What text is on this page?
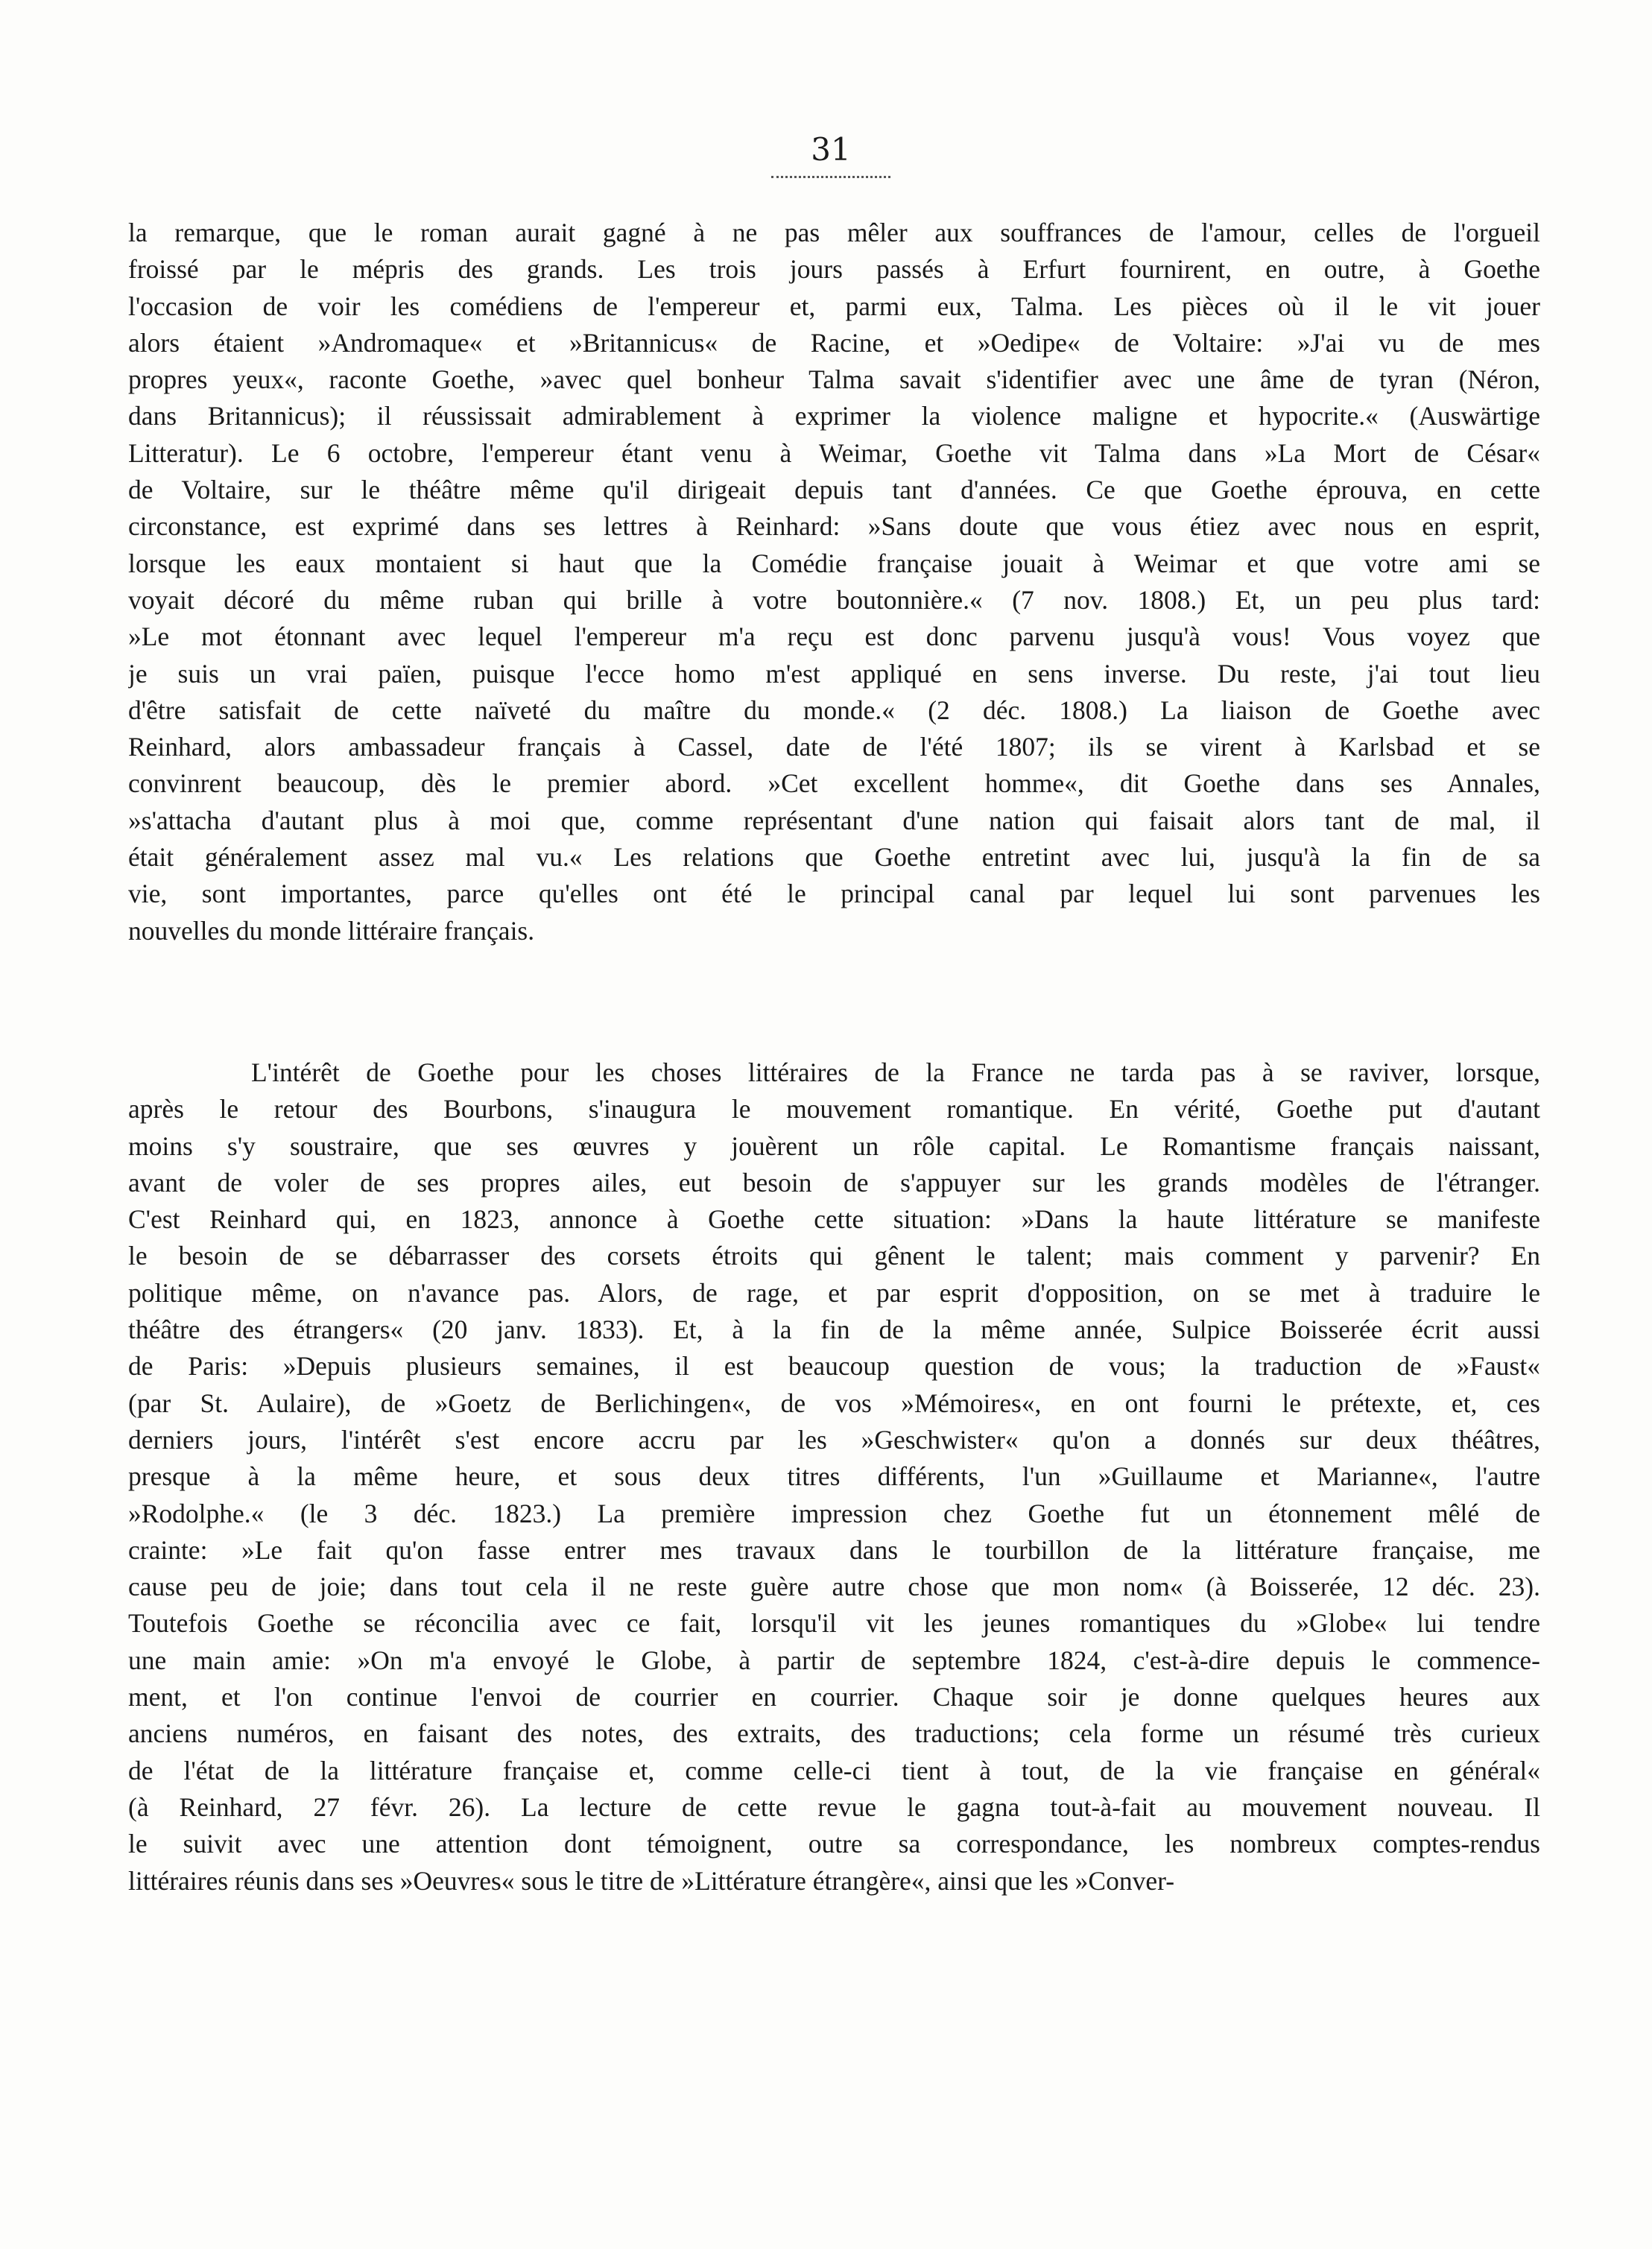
31
la remarque, que le roman aurait gagné à ne pas mêler aux souffrances de l'amour, celles de l'orgueil
froissé par le mépris des grands. Les trois jours passés à Erfurt fournirent, en outre, à Goethe
l'occasion de voir les comédiens de l'empereur et, parmi eux, Talma. Les pièces où il le vit jouer
alors étaient »Andromaque« et »Britannicus« de Racine, et »Oedipe« de Voltaire: »J'ai vu de mes
propres yeux«, raconte Goethe, »avec quel bonheur Talma savait s'identifier avec une âme de tyran (Néron,
dans Britannicus); il réussissait admirablement à exprimer la violence maligne et hypocrite.« (Auswärtige
Litteratur). Le 6 octobre, l'empereur étant venu à Weimar, Goethe vit Talma dans »La Mort de César«
de Voltaire, sur le théâtre même qu'il dirigeait depuis tant d'années. Ce que Goethe éprouva, en cette
circonstance, est exprimé dans ses lettres à Reinhard: »Sans doute que vous étiez avec nous en esprit,
lorsque les eaux montaient si haut que la Comédie française jouait à Weimar et que votre ami se
voyait décoré du même ruban qui brille à votre boutonnière.« (7 nov. 1808.) Et, un peu plus tard:
»Le mot étonnant avec lequel l'empereur m'a reçu est donc parvenu jusqu'à vous! Vous voyez que
je suis un vrai païen, puisque l'ecce homo m'est appliqué en sens inverse. Du reste, j'ai tout lieu
d'être satisfait de cette naïveté du maître du monde.« (2 déc. 1808.) La liaison de Goethe avec
Reinhard, alors ambassadeur français à Cassel, date de l'été 1807; ils se virent à Karlsbad et se
convinrent beaucoup, dès le premier abord. »Cet excellent homme«, dit Goethe dans ses Annales,
»s'attacha d'autant plus à moi que, comme représentant d'une nation qui faisait alors tant de mal, il
était généralement assez mal vu.« Les relations que Goethe entretint avec lui, jusqu'à la fin de sa
vie, sont importantes, parce qu'elles ont été le principal canal par lequel lui sont parvenues les
nouvelles du monde littéraire français.
L'intérêt de Goethe pour les choses littéraires de la France ne tarda pas à se raviver, lorsque,
après le retour des Bourbons, s'inaugura le mouvement romantique. En vérité, Goethe put d'autant
moins s'y soustraire, que ses œuvres y jouèrent un rôle capital. Le Romantisme français naissant,
avant de voler de ses propres ailes, eut besoin de s'appuyer sur les grands modèles de l'étranger.
C'est Reinhard qui, en 1823, annonce à Goethe cette situation: »Dans la haute littérature se manifeste
le besoin de se débarrasser des corsets étroits qui gênent le talent; mais comment y parvenir? En
politique même, on n'avance pas. Alors, de rage, et par esprit d'opposition, on se met à traduire le
théâtre des étrangers« (20 janv. 1833). Et, à la fin de la même année, Sulpice Boisserée écrit aussi
de Paris: »Depuis plusieurs semaines, il est beaucoup question de vous; la traduction de »Faust«
(par St. Aulaire), de »Goetz de Berlichingen«, de vos »Mémoires«, en ont fourni le prétexte, et, ces
derniers jours, l'intérêt s'est encore accru par les »Geschwister« qu'on a donnés sur deux théâtres,
presque à la même heure, et sous deux titres différents, l'un »Guillaume et Marianne«, l'autre
»Rodolphe.« (le 3 déc. 1823.) La première impression chez Goethe fut un étonnement mêlé de
crainte: »Le fait qu'on fasse entrer mes travaux dans le tourbillon de la littérature française, me
cause peu de joie; dans tout cela il ne reste guère autre chose que mon nom« (à Boisserée, 12 déc. 23).
Toutefois Goethe se réconcilia avec ce fait, lorsqu'il vit les jeunes romantiques du »Globe« lui tendre
une main amie: »On m'a envoyé le Globe, à partir de septembre 1824, c'est-à-dire depuis le commence-
ment, et l'on continue l'envoi de courrier en courrier. Chaque soir je donne quelques heures aux
anciens numéros, en faisant des notes, des extraits, des traductions; cela forme un résumé très curieux
de l'état de la littérature française et, comme celle-ci tient à tout, de la vie française en général«
(à Reinhard, 27 févr. 26). La lecture de cette revue le gagna tout-à-fait au mouvement nouveau. Il
le suivit avec une attention dont témoignent, outre sa correspondance, les nombreux comptes-rendus
littéraires réunis dans ses »Oeuvres« sous le titre de »Littérature étrangère«, ainsi que les »Conver-
